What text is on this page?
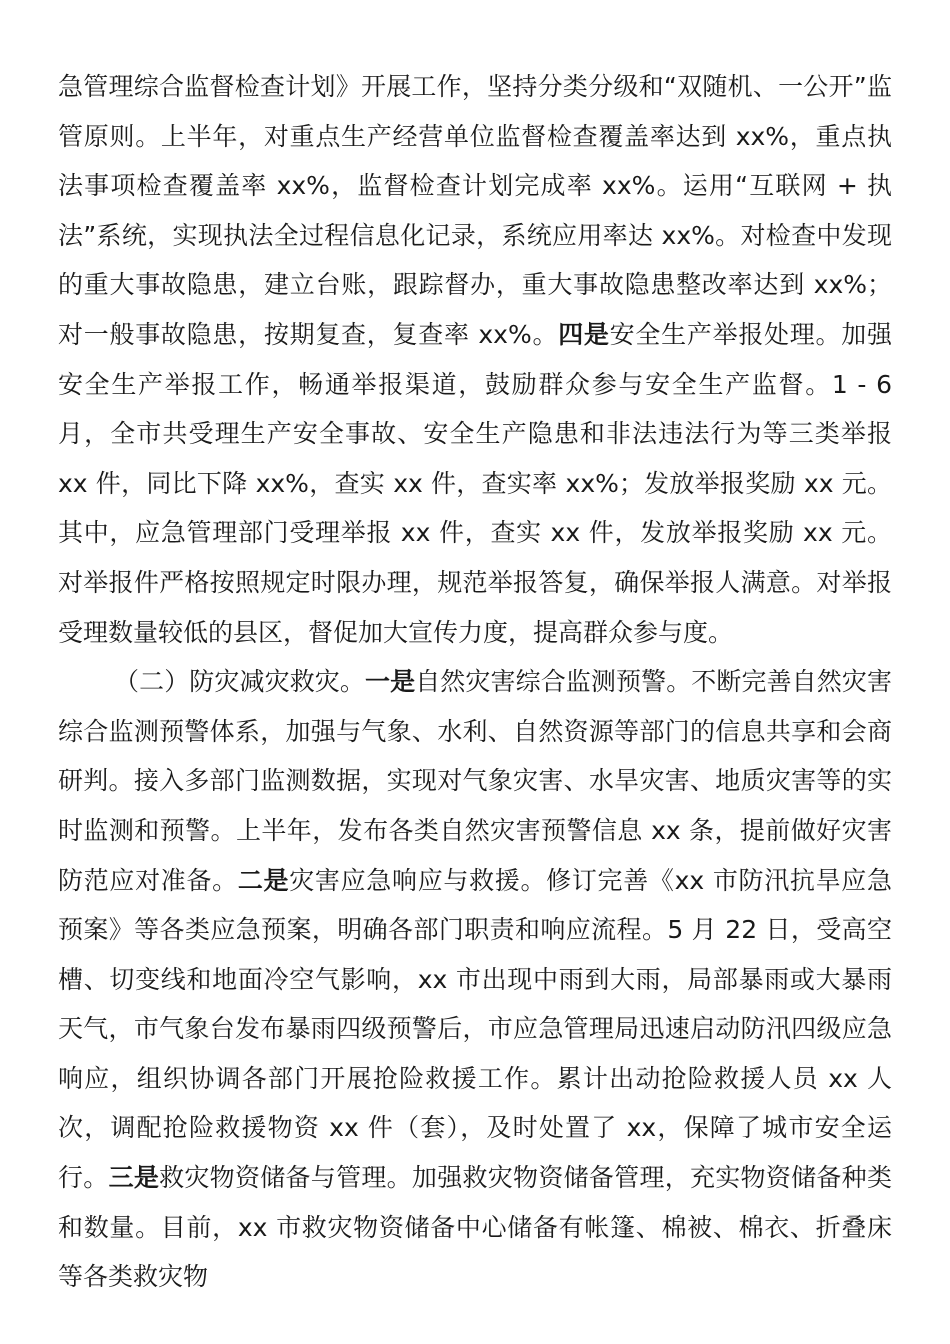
急管理综合监督检查计划》开展工作，坚持分类分级和“双随机、一公开”监管原则。上半年，对重点生产经营单位监督检查覆盖率达到 xx%，重点执法事项检查覆盖率 xx%，监督检查计划完成率 xx%。运用“互联网 + 执法”系统，实现执法全过程信息化记录，系统应用率达 xx%。对检查中发现的重大事故隐患，建立台账，跟踪督办，重大事故隐患整改率达到 xx%；对一般事故隐患，按期复查，复查率 xx%。四是安全生产举报处理。加强安全生产举报工作，畅通举报渠道，鼓励群众参与安全生产监督。1 - 6 月，全市共受理生产安全事故、安全生产隐患和非法违法行为等三类举报 xx 件，同比下降 xx%，查实 xx 件，查实率 xx%；发放举报奖励 xx 元。其中，应急管理部门受理举报 xx 件，查实 xx 件，发放举报奖励 xx 元。对举报件严格按照规定时限办理，规范举报答复，确保举报人满意。对举报受理数量较低的县区，督促加大宣传力度，提高群众参与度。

（二）防灾减灾救灾。一是自然灾害综合监测预警。不断完善自然灾害综合监测预警体系，加强与气象、水利、自然资源等部门的信息共享和会商研判。接入多部门监测数据，实现对气象灾害、水旱灾害、地质灾害等的实时监测和预警。上半年，发布各类自然灾害预警信息 xx 条，提前做好灾害防范应对准备。二是灾害应急响应与救援。修订完善《xx 市防汛抗旱应急预案》等各类应急预案，明确各部门职责和响应流程。5 月 22 日，受高空槽、切变线和地面冷空气影响，xx 市出现中雨到大雨，局部暴雨或大暴雨天气，市气象台发布暴雨四级预警后，市应急管理局迅速启动防汛四级应急响应，组织协调各部门开展抢险救援工作。累计出动抢险救援人员 xx 人次，调配抢险救援物资 xx 件（套），及时处置了 xx，保障了城市安全运行。三是救灾物资储备与管理。加强救灾物资储备管理，充实物资储备种类和数量。目前，xx 市救灾物资储备中心储备有帐篷、棉被、棉衣、折叠床等各类救灾物
